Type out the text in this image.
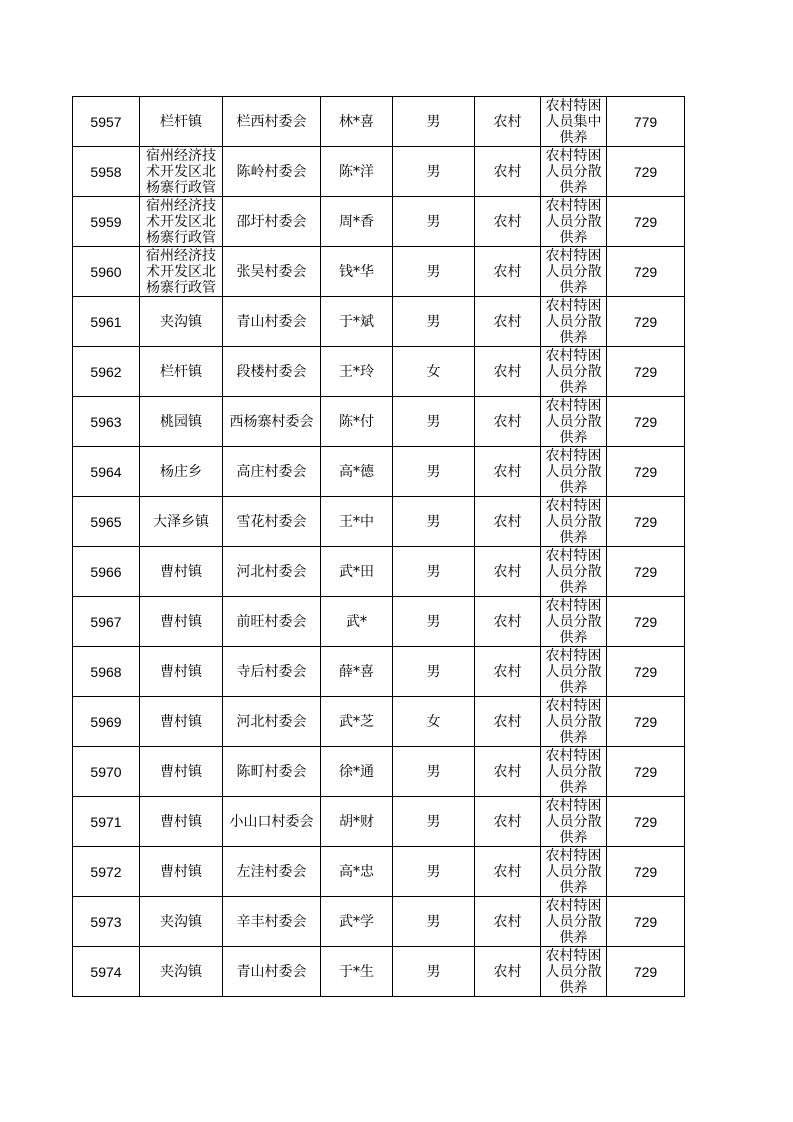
5957	栏杆镇	栏西村委会	林*喜	男	农村	农村特困人员集中供养	779

5958	宿州经济技术开发区北杨寨行政管	陈岭村委会	陈*洋	男	农村	农村特困人员分散供养	729

5959	宿州经济技术开发区北杨寨行政管	邵圩村委会	周*香	男	农村	农村特困人员分散供养	729

5960	宿州经济技术开发区北杨寨行政管	张吴村委会	钱*华	男	农村	农村特困人员分散供养	729

5961	夹沟镇	青山村委会	于*斌	男	农村	农村特困人员分散供养	729

5962	栏杆镇	段楼村委会	王*玲	女	农村	农村特困人员分散供养	729

5963	桃园镇	西杨寨村委会	陈*付	男	农村	农村特困人员分散供养	729

5964	杨庄乡	高庄村委会	高*德	男	农村	农村特困人员分散供养	729

5965	大泽乡镇	雪花村委会	王*中	男	农村	农村特困人员分散供养	729

5966	曹村镇	河北村委会	武*田	男	农村	农村特困人员分散供养	729

5967	曹村镇	前旺村委会	武*	男	农村	农村特困人员分散供养	729

5968	曹村镇	寺后村委会	薛*喜	男	农村	农村特困人员分散供养	729

5969	曹村镇	河北村委会	武*芝	女	农村	农村特困人员分散供养	729

5970	曹村镇	陈町村委会	徐*通	男	农村	农村特困人员分散供养	729

5971	曹村镇	小山口村委会	胡*财	男	农村	农村特困人员分散供养	729

5972	曹村镇	左洼村委会	高*忠	男	农村	农村特困人员分散供养	729

5973	夹沟镇	辛丰村委会	武*学	男	农村	农村特困人员分散供养	729

5974	夹沟镇	青山村委会	于*生	男	农村	农村特困人员分散供养	729
